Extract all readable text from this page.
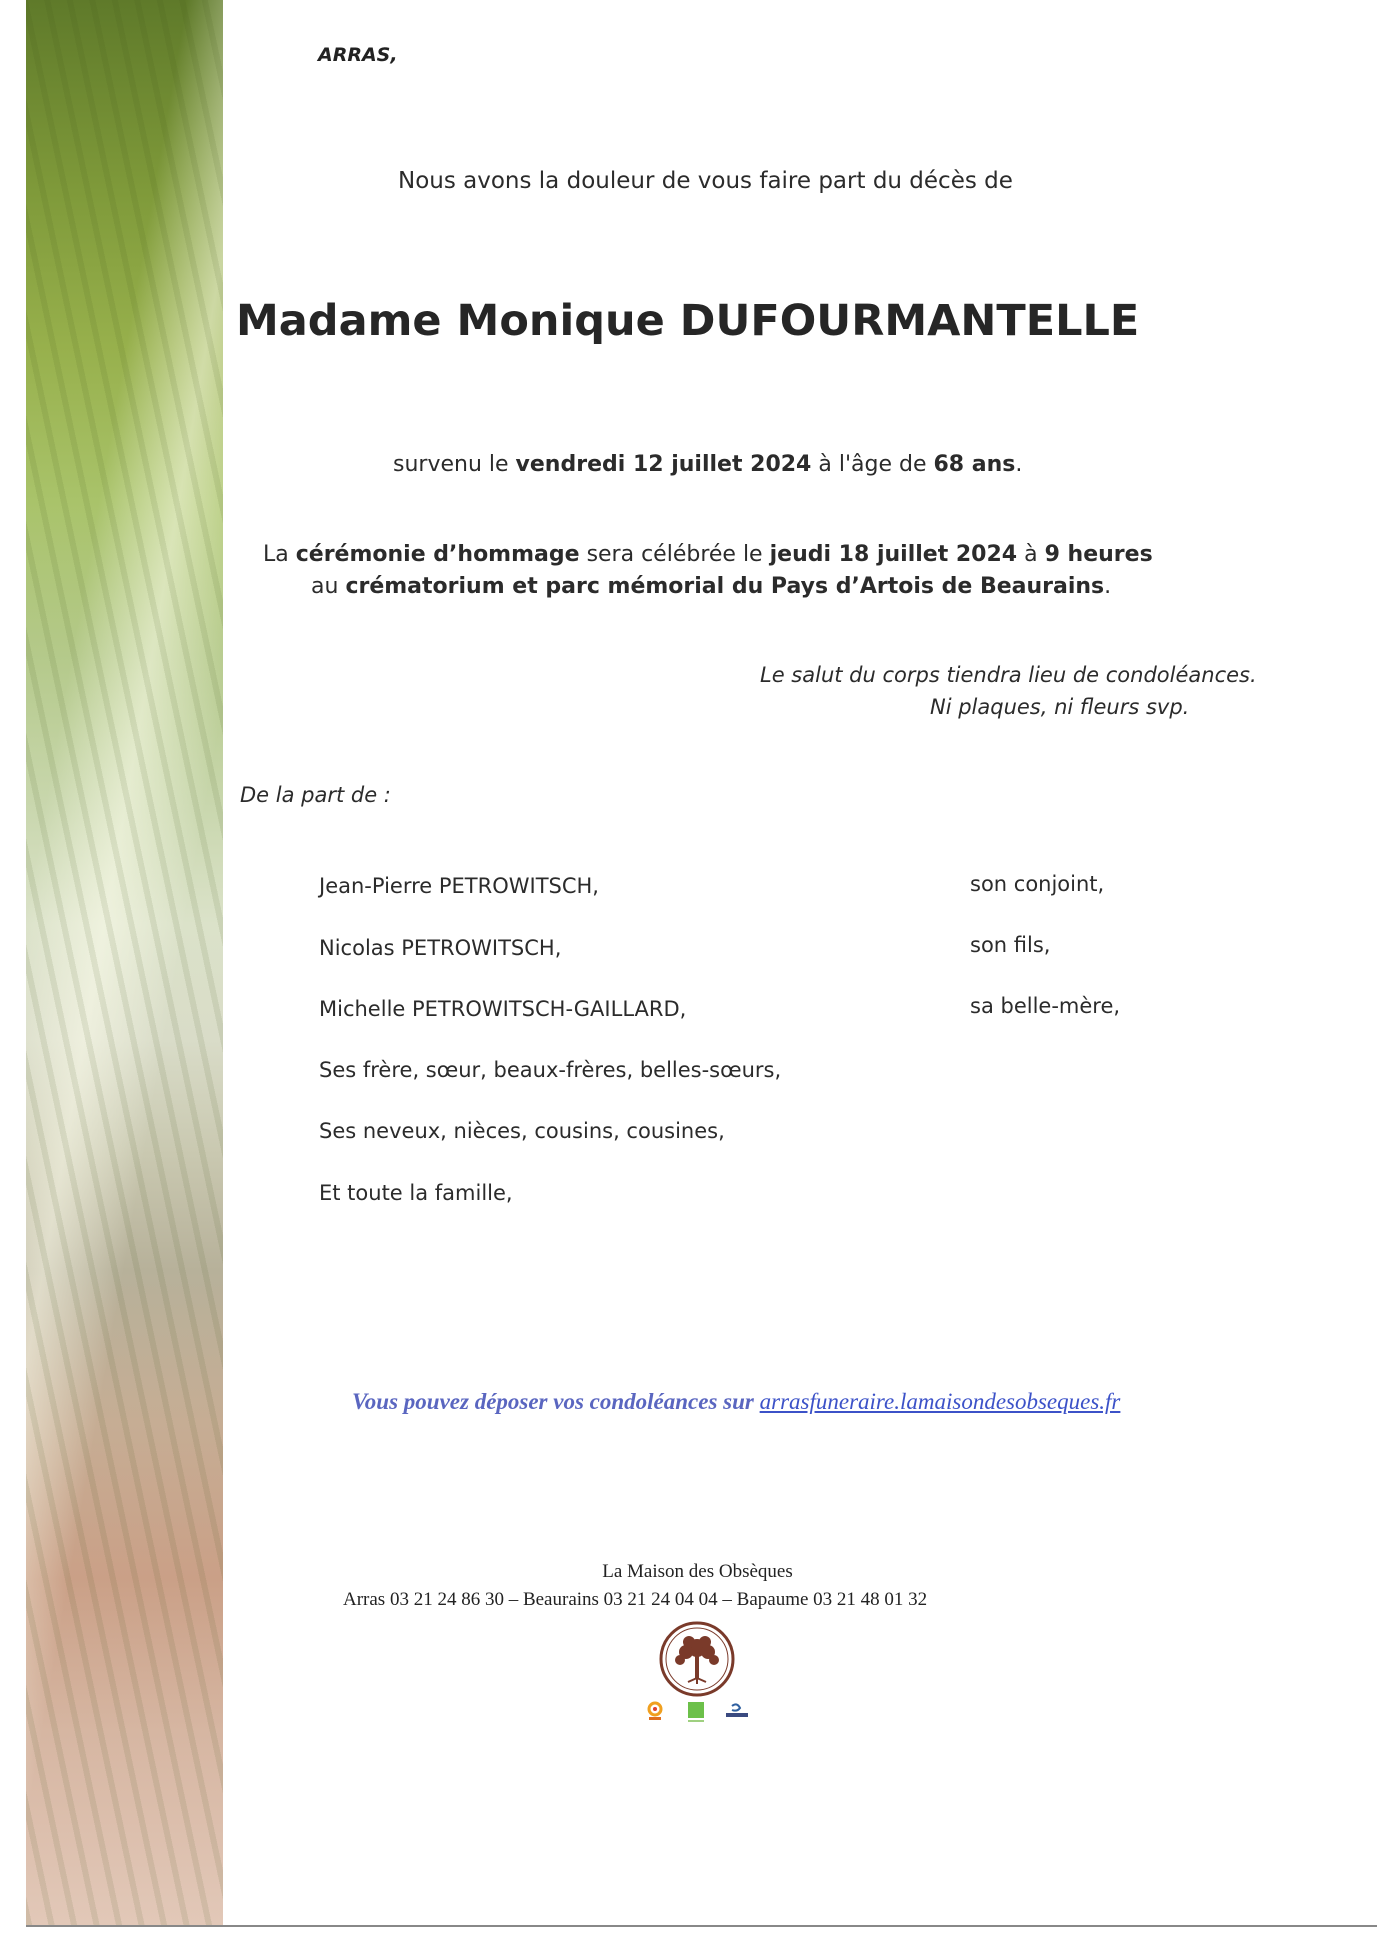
ARRAS,
Nous avons la douleur de vous faire part du décès de
Madame Monique DUFOURMANTELLE
survenu le vendredi 12 juillet 2024 à l'âge de 68 ans.
La cérémonie d’hommage sera célébrée le jeudi 18 juillet 2024 à 9 heures
au crématorium et parc mémorial du Pays d’Artois de Beaurains.
Le salut du corps tiendra lieu de condoléances.
Ni plaques, ni fleurs svp.
De la part de :
Jean-Pierre PETROWITSCH,	son conjoint,
Nicolas PETROWITSCH,	son fils,
Michelle PETROWITSCH-GAILLARD,	sa belle-mère,
Ses frère, sœur, beaux-frères, belles-sœurs,
Ses neveux, nièces, cousins, cousines,
Et toute la famille,
Vous pouvez déposer vos condoléances sur arrasfuneraire.lamaisondesobseques.fr
La Maison des Obsèques
Arras 03 21 24 86 30 – Beaurains 03 21 24 04 04 – Bapaume 03 21 48 01 32
